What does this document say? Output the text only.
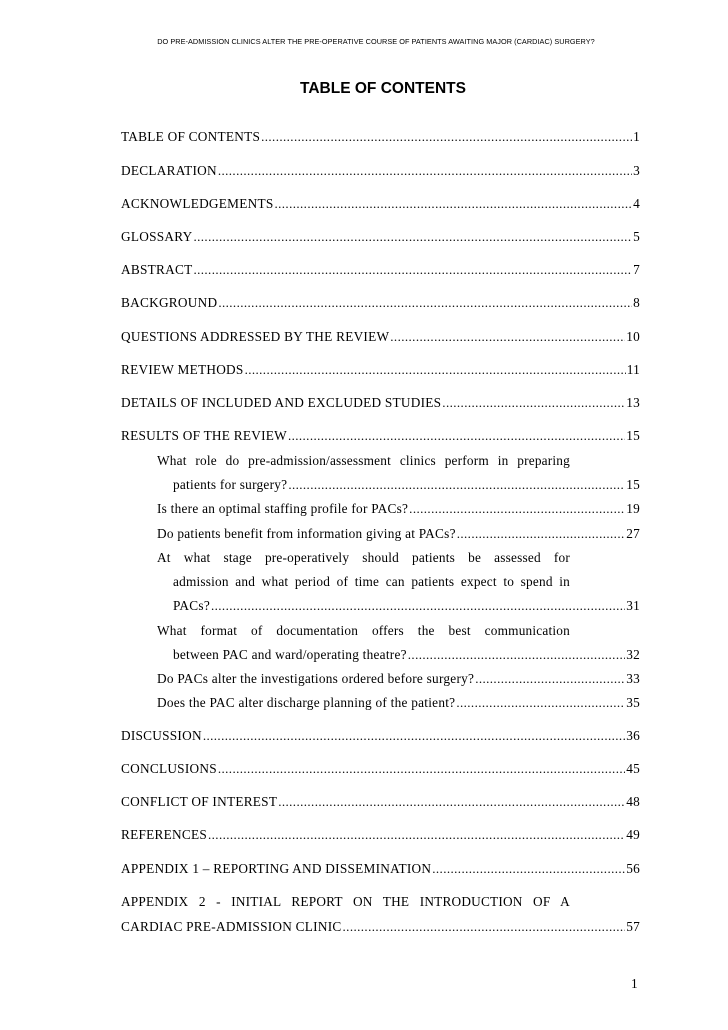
DO PRE-ADMISSION CLINICS ALTER THE PRE-OPERATIVE COURSE OF PATIENTS AWAITING MAJOR (CARDIAC) SURGERY?
TABLE OF CONTENTS
TABLE OF CONTENTS .....	1
DECLARATION .....	3
ACKNOWLEDGEMENTS .....	4
GLOSSARY .....	5
ABSTRACT .....	7
BACKGROUND .....	8
QUESTIONS ADDRESSED BY THE REVIEW .....	10
REVIEW METHODS .....	11
DETAILS OF INCLUDED AND EXCLUDED STUDIES .....	13
RESULTS OF THE REVIEW .....	15
What role do pre-admission/assessment clinics perform in preparing
patients for surgery? .....	15
Is there an optimal staffing profile for PACs? .....	19
Do patients benefit from information giving at PACs? .....	27
At what stage pre-operatively should patients be assessed for
admission and what period of time can patients expect to spend in
PACs? .....	31
What format of documentation offers the best communication
between PAC and ward/operating theatre? .....	32
Do PACs alter the investigations ordered before surgery? .....	33
Does the PAC alter discharge planning of the patient? .....	35
DISCUSSION .....	36
CONCLUSIONS .....	45
CONFLICT OF INTEREST .....	48
REFERENCES .....	49
APPENDIX 1 – REPORTING AND DISSEMINATION .....	56
APPENDIX 2 - INITIAL REPORT ON THE INTRODUCTION OF A
CARDIAC PRE-ADMISSION CLINIC .....	57
1
